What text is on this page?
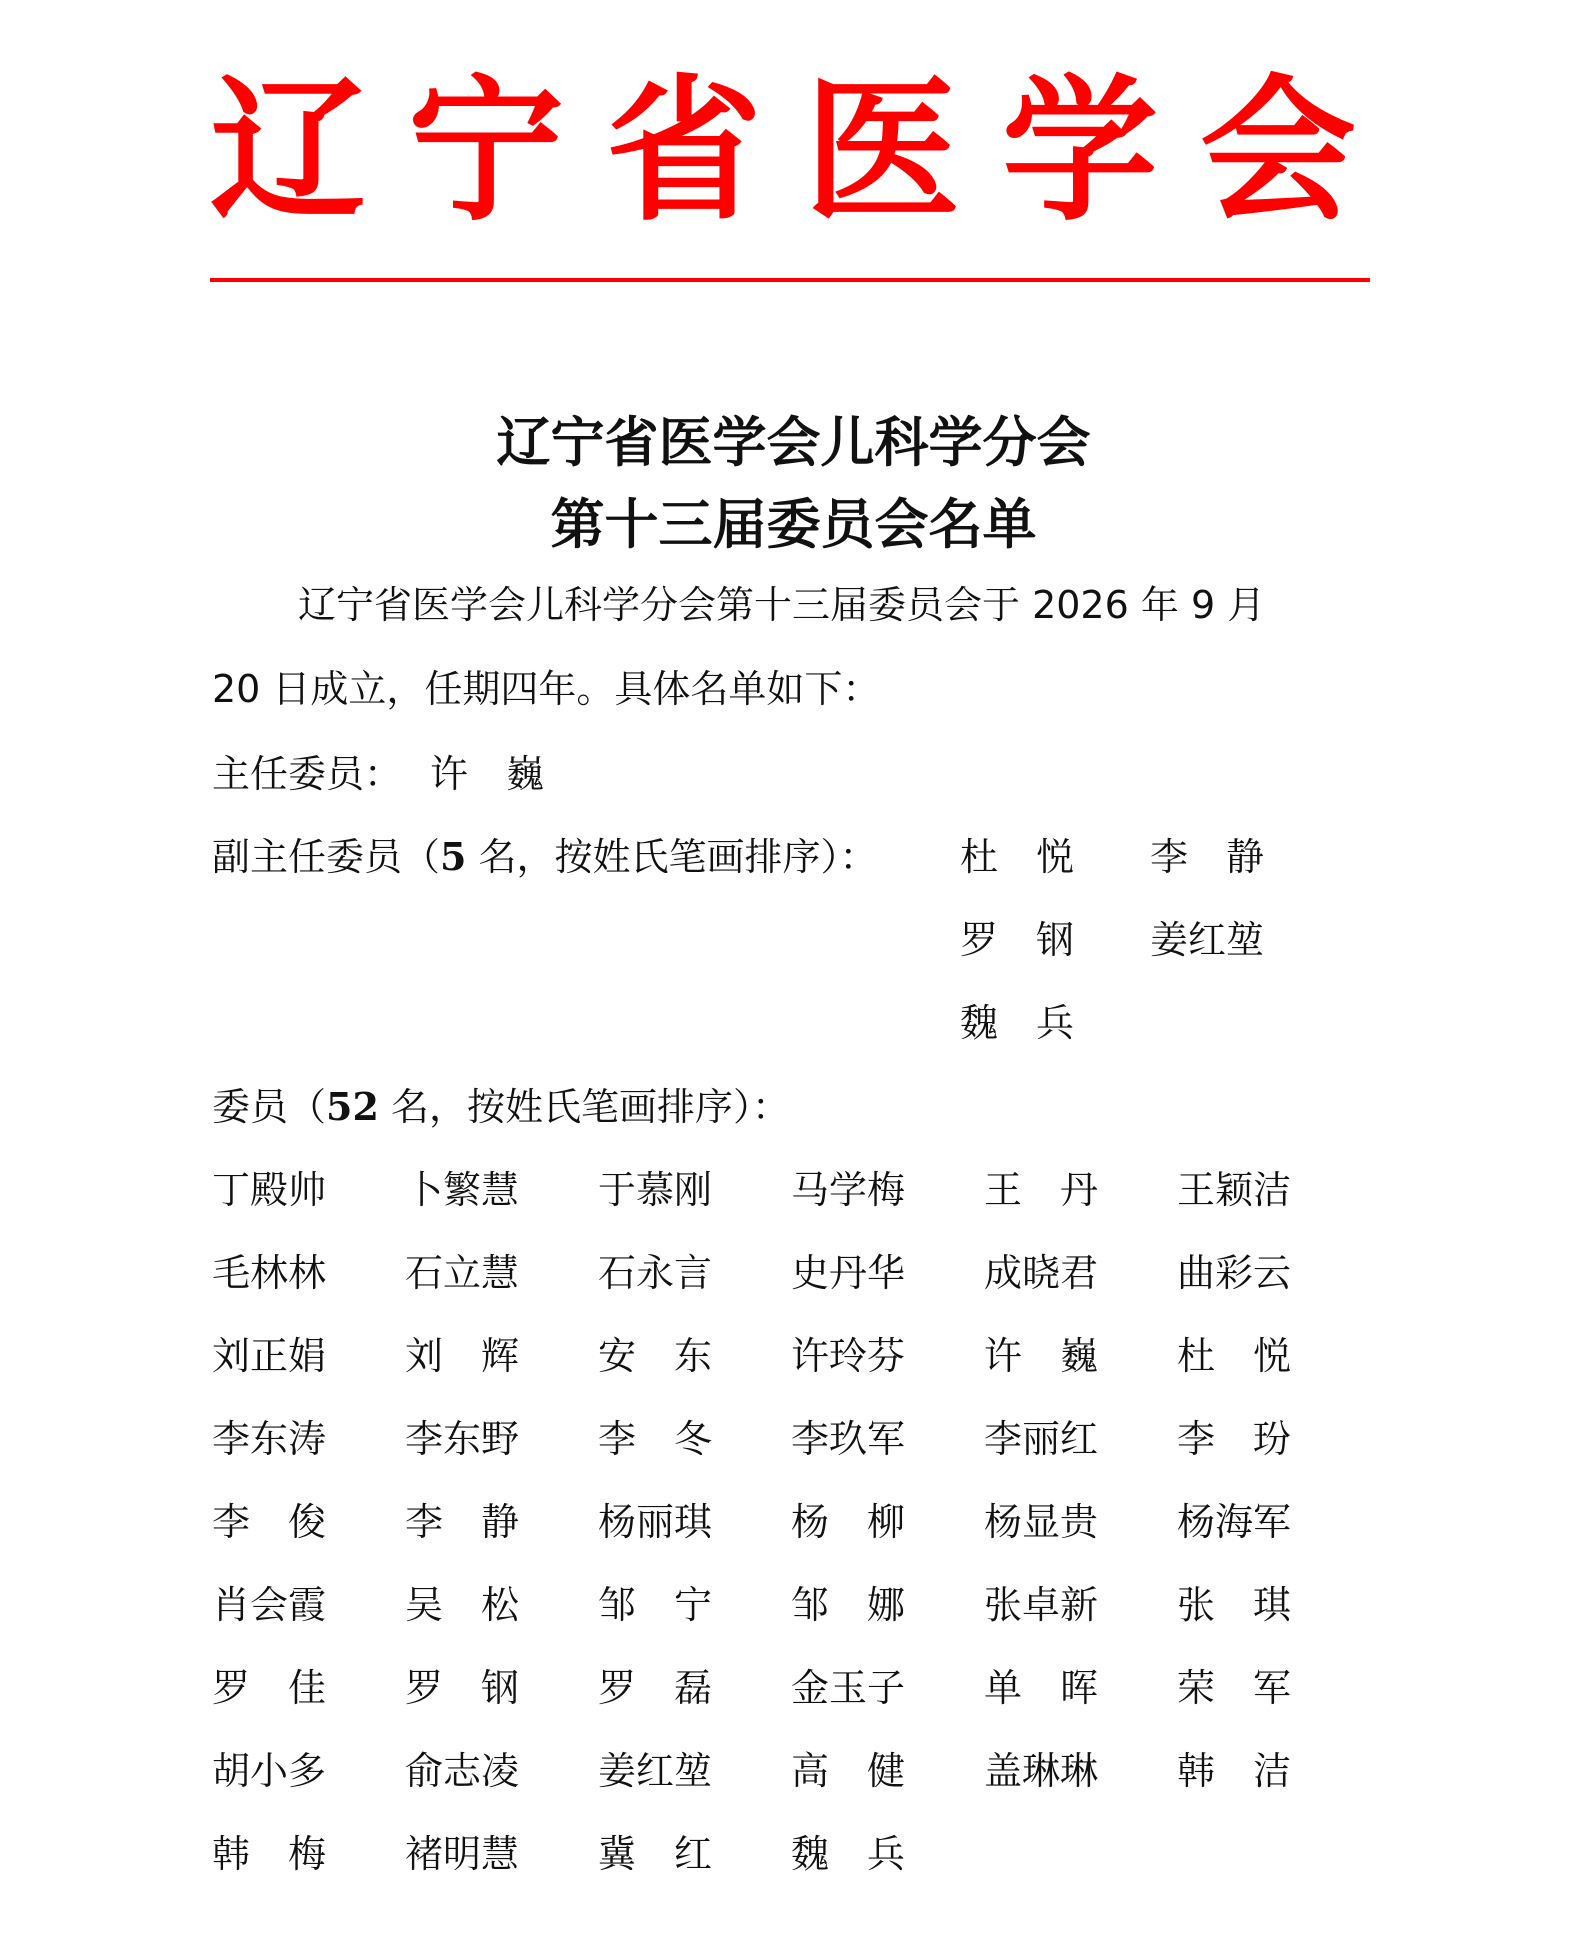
辽宁省医学会
辽宁省医学会儿科学分会
第十三届委员会名单
辽宁省医学会儿科学分会第十三届委员会于 2026 年 9 月
20 日成立，任期四年。具体名单如下：
主任委员： 许　巍
副主任委员（5 名，按姓氏笔画排序）： 杜　悦	李　静
罗　钢	姜红堃
魏　兵
委员（52 名，按姓氏笔画排序）：
丁殿帅	卜繁慧	于慕刚	马学梅	王　丹	王颖洁
毛林林	石立慧	石永言	史丹华	成晓君	曲彩云
刘正娟	刘　辉	安　东	许玲芬	许　巍	杜　悦
李东涛	李东野	李　冬	李玖军	李丽红	李　玢
李　俊	李　静	杨丽琪	杨　柳	杨显贵	杨海军
肖会霞	吴　松	邹　宁	邹　娜	张卓新	张　琪
罗　佳	罗　钢	罗　磊	金玉子	单　晖	荣　军
胡小多	俞志凌	姜红堃	高　健	盖琳琳	韩　洁
韩　梅	褚明慧	冀　红	魏　兵
